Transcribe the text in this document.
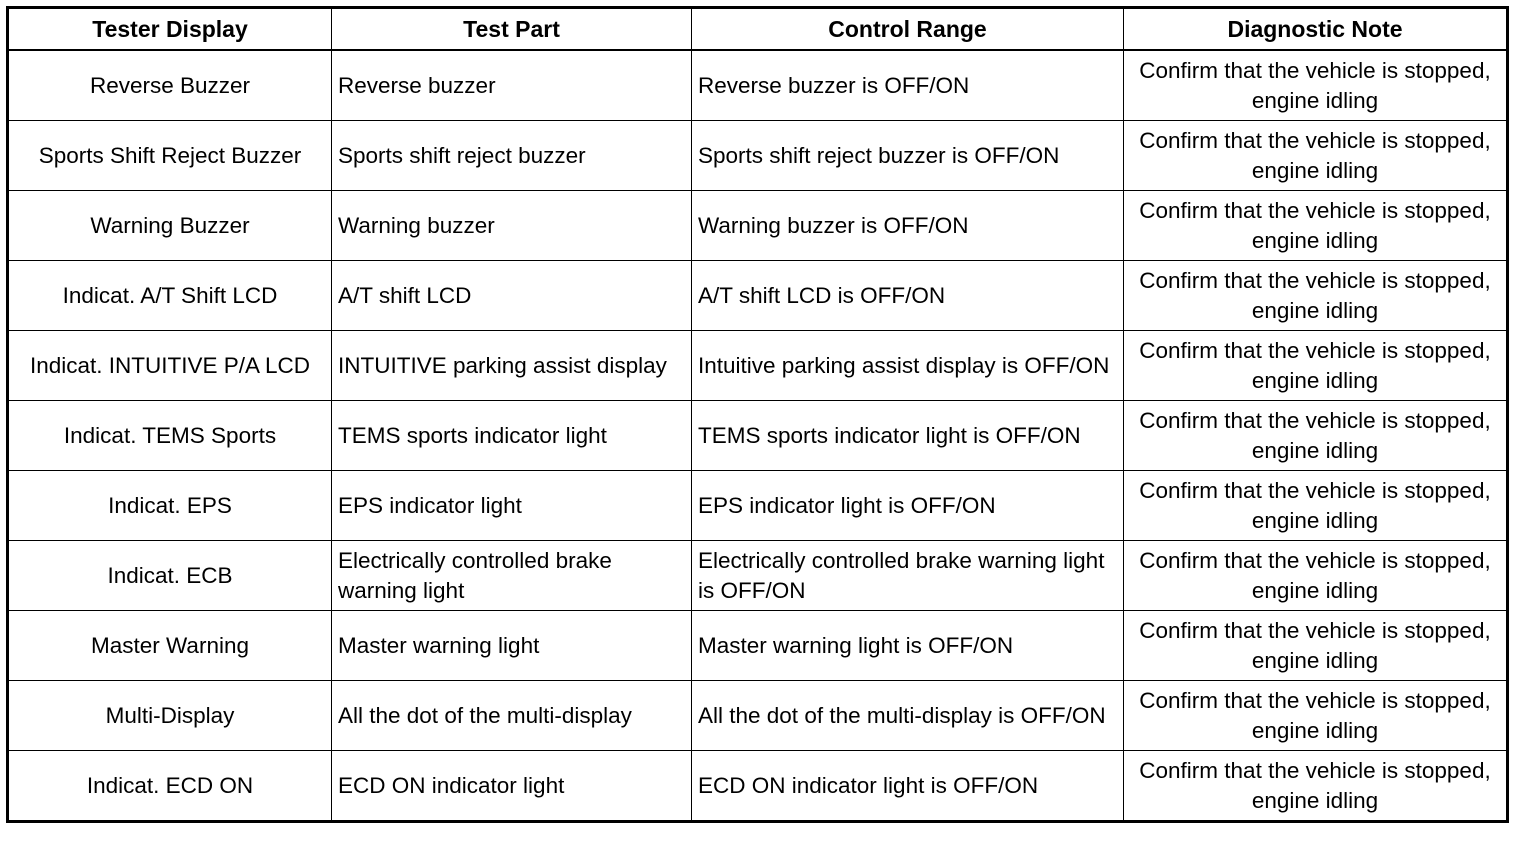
Tester Display	Test Part	Control Range	Diagnostic Note
Reverse Buzzer	Reverse buzzer	Reverse buzzer is OFF/ON	Confirm that the vehicle is stopped, engine idling
Sports Shift Reject Buzzer	Sports shift reject buzzer	Sports shift reject buzzer is OFF/ON	Confirm that the vehicle is stopped, engine idling
Warning Buzzer	Warning buzzer	Warning buzzer is OFF/ON	Confirm that the vehicle is stopped, engine idling
Indicat. A/T Shift LCD	A/T shift LCD	A/T shift LCD is OFF/ON	Confirm that the vehicle is stopped, engine idling
Indicat. INTUITIVE P/A LCD	INTUITIVE parking assist display	Intuitive parking assist display is OFF/ON	Confirm that the vehicle is stopped, engine idling
Indicat. TEMS Sports	TEMS sports indicator light	TEMS sports indicator light is OFF/ON	Confirm that the vehicle is stopped, engine idling
Indicat. EPS	EPS indicator light	EPS indicator light is OFF/ON	Confirm that the vehicle is stopped, engine idling
Indicat. ECB	Electrically controlled brake warning light	Electrically controlled brake warning light is OFF/ON	Confirm that the vehicle is stopped, engine idling
Master Warning	Master warning light	Master warning light is OFF/ON	Confirm that the vehicle is stopped, engine idling
Multi-Display	All the dot of the multi-display	All the dot of the multi-display is OFF/ON	Confirm that the vehicle is stopped, engine idling
Indicat. ECD ON	ECD ON indicator light	ECD ON indicator light is OFF/ON	Confirm that the vehicle is stopped, engine idling
